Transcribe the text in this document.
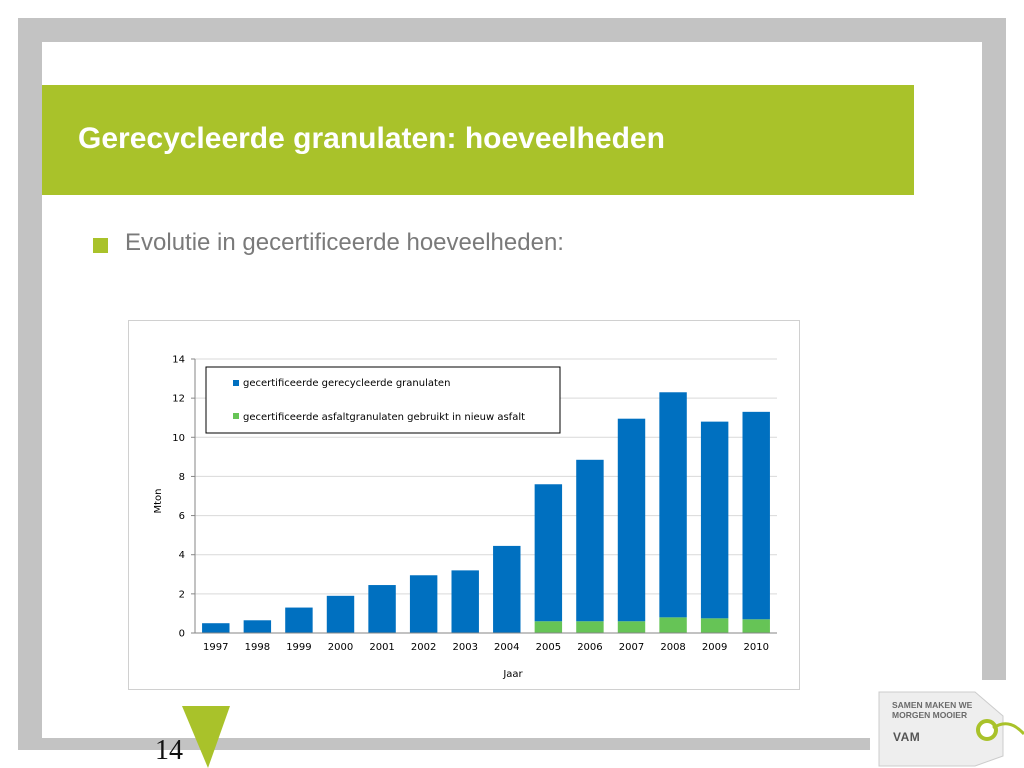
Gerecycleerde granulaten: hoeveelheden
Evolutie in gecertificeerde hoeveelheden:
0
2
4
6
8
10
12
14
1997 1998 1999 2000 2001 2002 2003 2004 2005 2006 2007 2008 2009 2010
gecertificeerde gerecycleerde granulaten
gecertificeerde asfaltgranulaten gebruikt in nieuw asfalt
Mton
Jaar
14
SAMEN MAKEN WE
MORGEN MOOIER
VAM
